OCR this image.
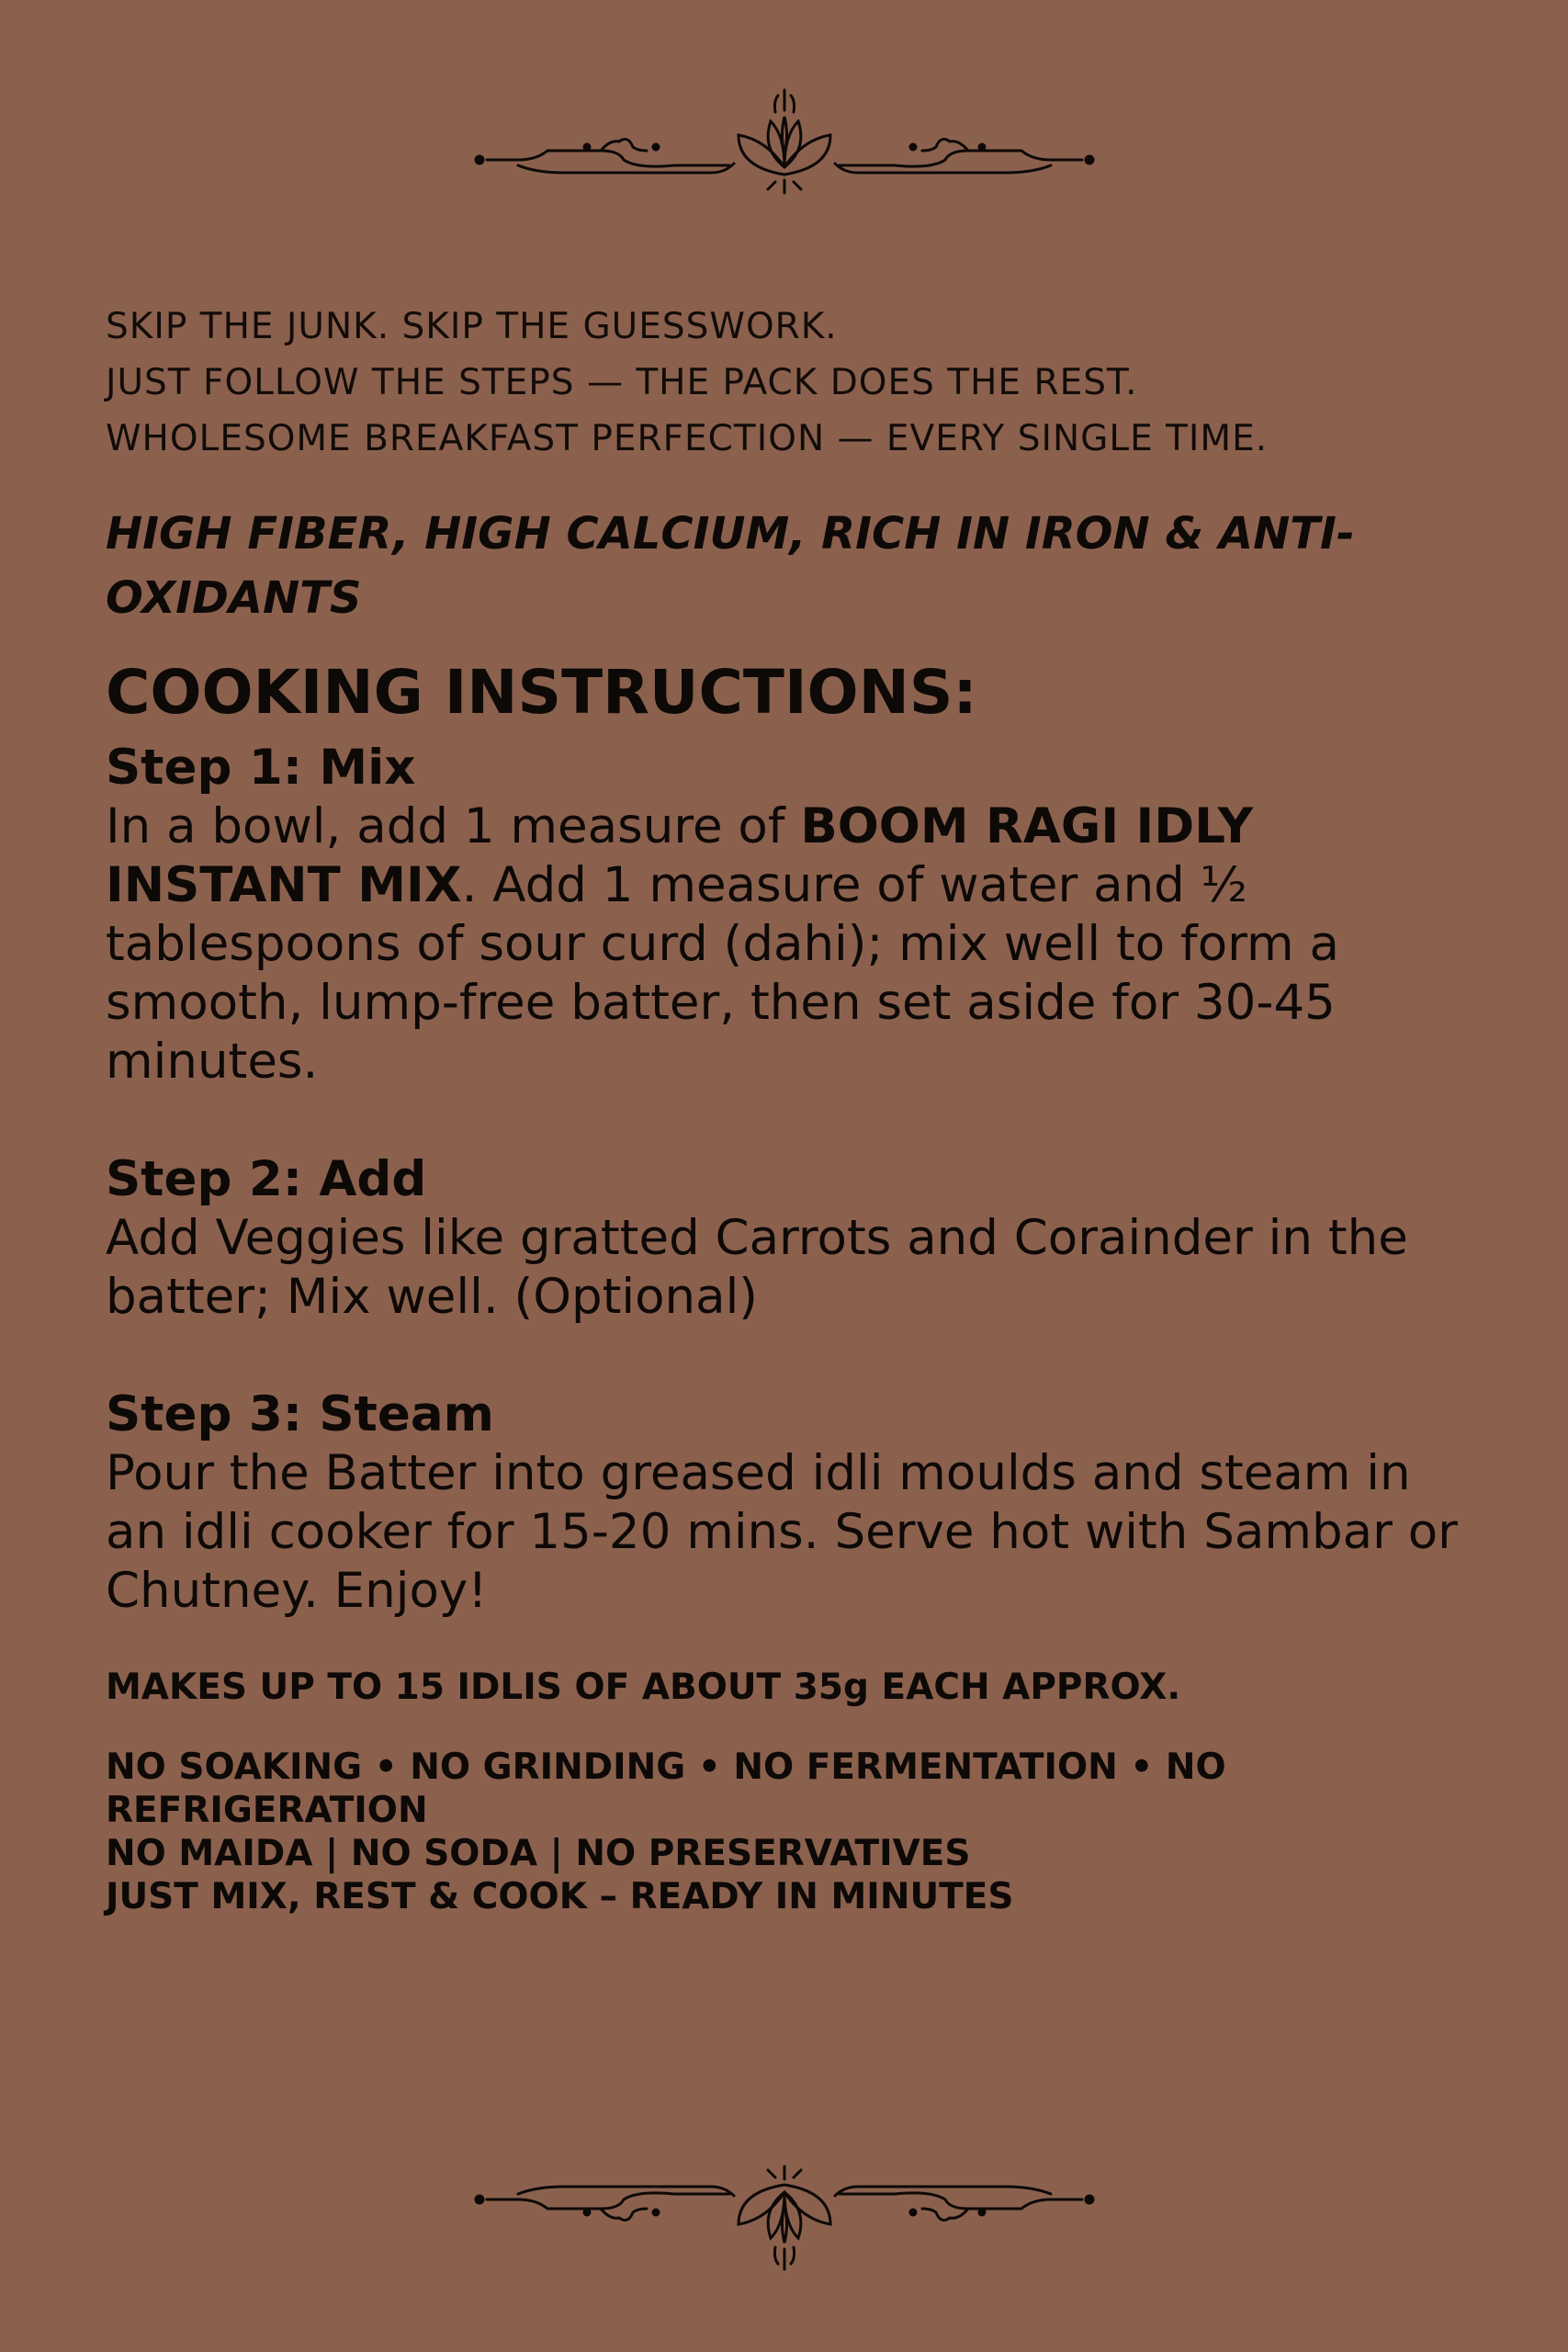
SKIP THE JUNK. SKIP THE GUESSWORK.

JUST FOLLOW THE STEPS — THE PACK DOES THE REST.

WHOLESOME BREAKFAST PERFECTION — EVERY SINGLE TIME.

HIGH FIBER, HIGH CALCIUM, RICH IN IRON & ANTI-OXIDANTS

COOKING INSTRUCTIONS:
Step 1: Mix
In a bowl, add 1 measure of BOOM RAGI IDLY INSTANT MIX. Add 1 measure of water and ½ tablespoons of sour curd (dahi); mix well to form a smooth, lump-free batter, then set aside for 30-45 minutes.
Step 2: Add
Add Veggies like gratted Carrots and Corainder in the batter; Mix well. (Optional)
Step 3: Steam
Pour the Batter into greased idli moulds and steam in an idli cooker for 15-20 mins. Serve hot with Sambar or Chutney. Enjoy!

MAKES UP TO 15 IDLIS OF ABOUT 35g EACH APPROX.

NO SOAKING • NO GRINDING • NO FERMENTATION • NO REFRIGERATION
NO MAIDA | NO SODA | NO PRESERVATIVES
JUST MIX, REST & COOK – READY IN MINUTES
